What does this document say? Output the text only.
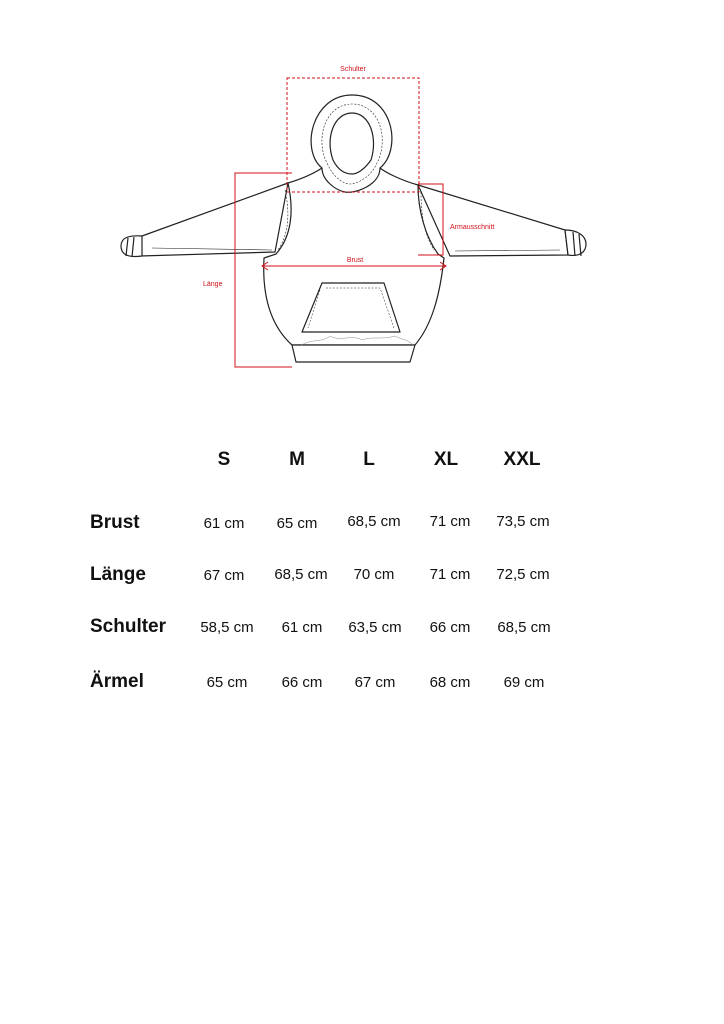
Schulter
Armausschnitt
Brust
Länge
S	M	L	XL XXL
Brust	61 cm 65 cm 68,5 cm 71 cm 73,5 cm
Länge	67 cm 68,5 cm 70 cm 71 cm 72,5 cm
Schulter 58,5 cm 61 cm 63,5 cm 66 cm 68,5 cm
Ärmel	65 cm 66 cm 67 cm 68 cm 69 cm
